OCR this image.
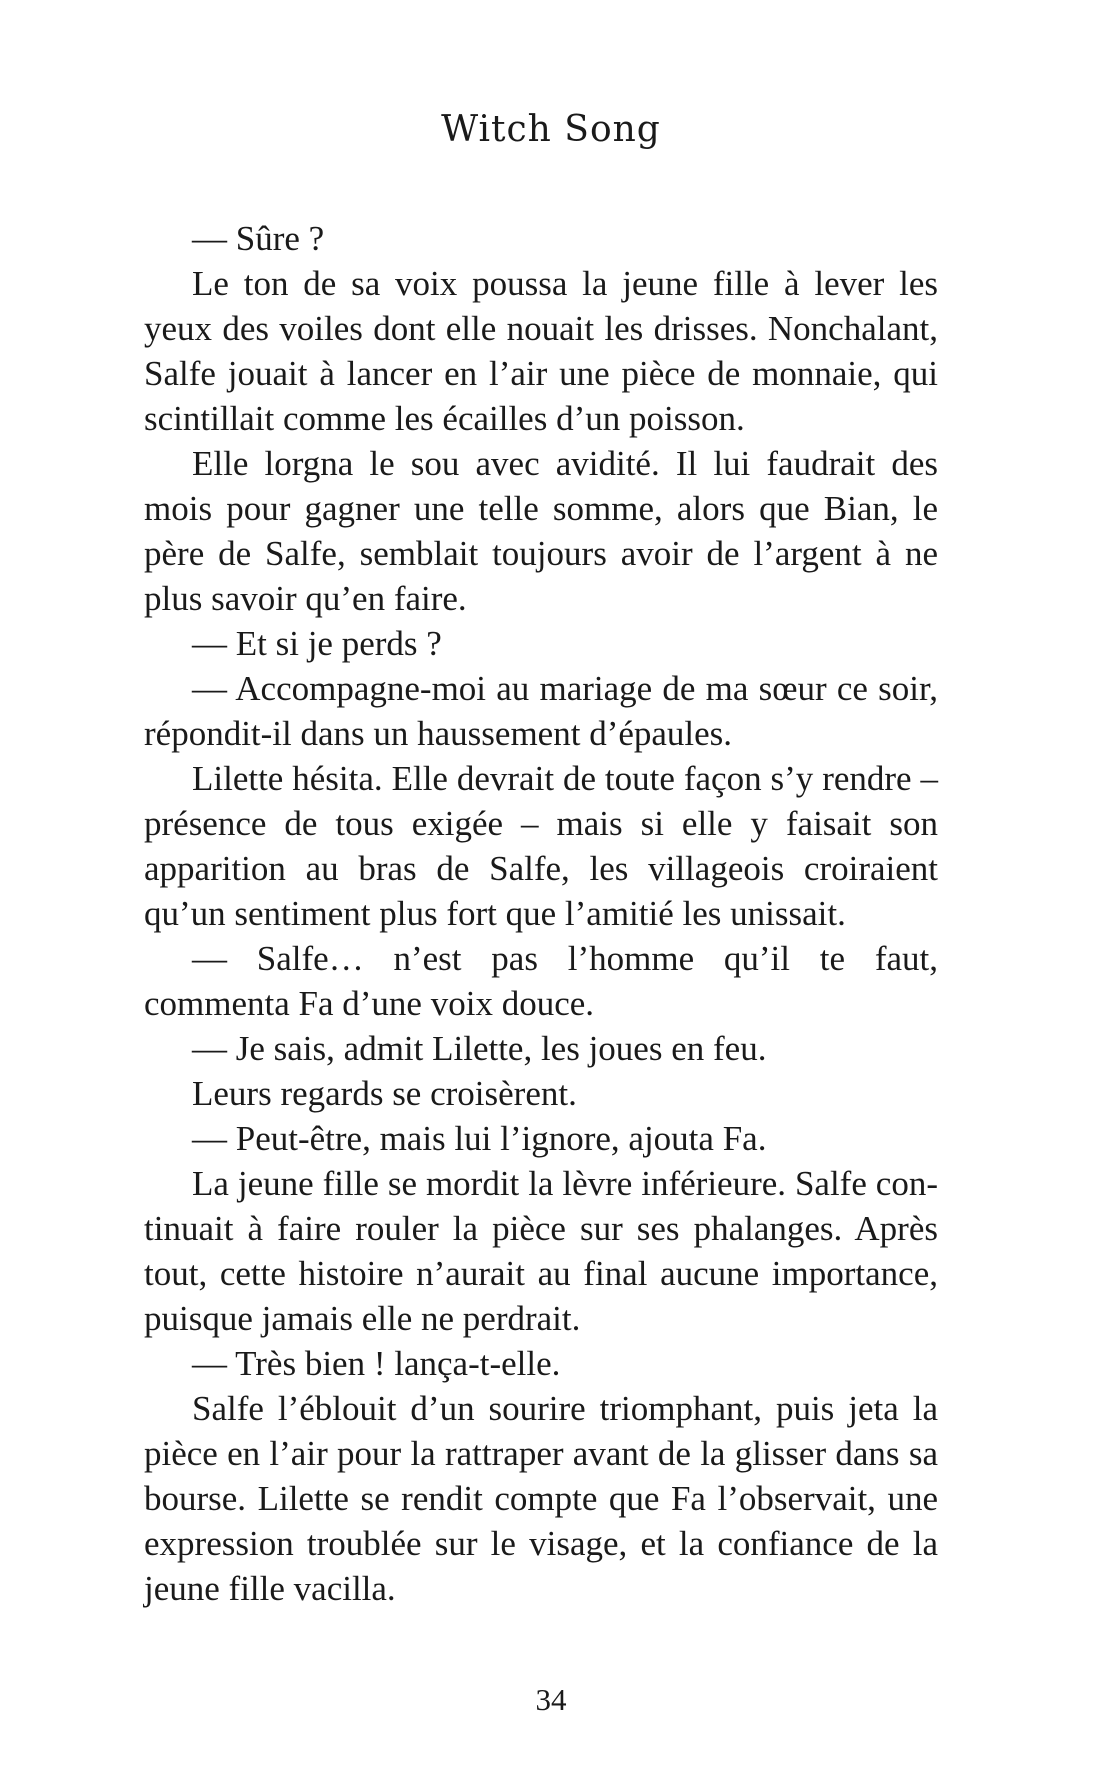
Witch Song

— Sûre ?

Le ton de sa voix poussa la jeune fille à lever les yeux des voiles dont elle nouait les drisses. Nonchalant, Salfe jouait à lancer en l’air une pièce de monnaie, qui scintillait comme les écailles d’un poisson.

Elle lorgna le sou avec avidité. Il lui faudrait des mois pour gagner une telle somme, alors que Bian, le père de Salfe, semblait toujours avoir de l’argent à ne plus savoir qu’en faire.

— Et si je perds ?

— Accompagne-moi au mariage de ma sœur ce soir, répondit-il dans un haussement d’épaules.

Lilette hésita. Elle devrait de toute façon s’y rendre – présence de tous exigée – mais si elle y faisait son apparition au bras de Salfe, les villageois croiraient qu’un sentiment plus fort que l’amitié les unissait.

— Salfe… n’est pas l’homme qu’il te faut, commenta Fa d’une voix douce.

— Je sais, admit Lilette, les joues en feu.

Leurs regards se croisèrent.

— Peut-être, mais lui l’ignore, ajouta Fa.

La jeune fille se mordit la lèvre inférieure. Salfe continuait à faire rouler la pièce sur ses phalanges. Après tout, cette histoire n’aurait au final aucune importance, puisque jamais elle ne perdrait.

— Très bien ! lança-t-elle.

Salfe l’éblouit d’un sourire triomphant, puis jeta la pièce en l’air pour la rattraper avant de la glisser dans sa bourse. Lilette se rendit compte que Fa l’observait, une expression troublée sur le visage, et la confiance de la jeune fille vacilla.

34
